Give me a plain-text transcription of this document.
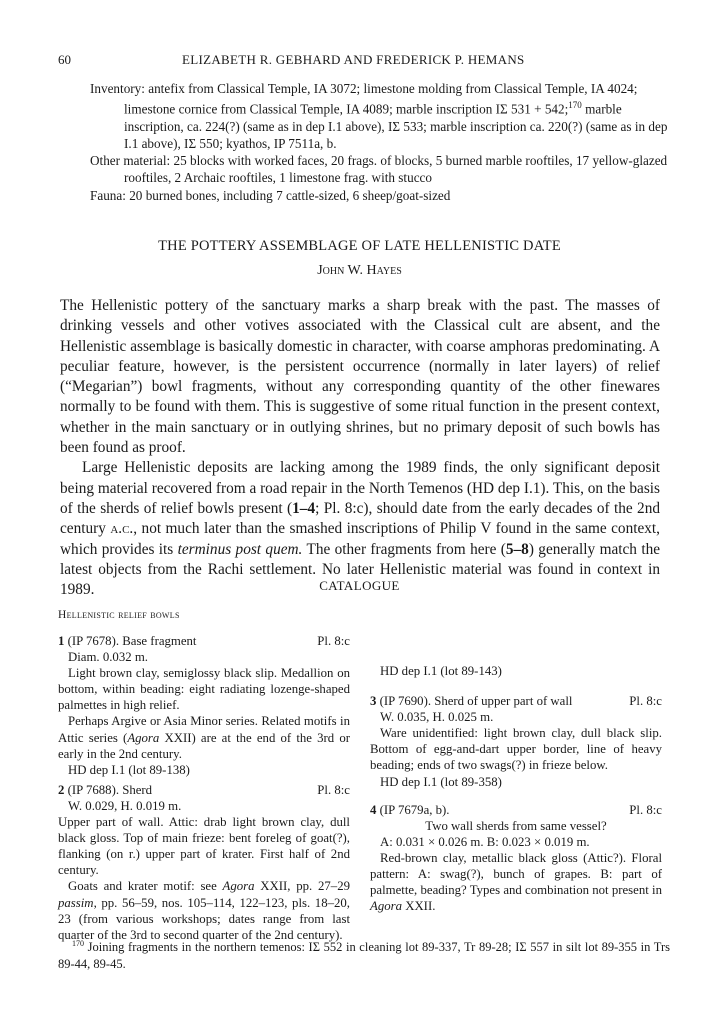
60	ELIZABETH R. GEBHARD AND FREDERICK P. HEMANS

Inventory: antefix from Classical Temple, IA 3072; limestone molding from Classical Temple, IA 4024; limestone cornice from Classical Temple, IA 4089; marble inscription IΣ 531 + 542;$^{170}$ marble inscription, ca. 224(?) (same as in dep I.1 above), IΣ 533; marble inscription ca. 220(?) (same as in dep I.1 above), IΣ 550; kyathos, IP 7511a, b.

Other material: 25 blocks with worked faces, 20 frags. of blocks, 5 burned marble rooftiles, 17 yellow-glazed rooftiles, 2 Archaic rooftiles, 1 limestone frag. with stucco

Fauna: 20 burned bones, including 7 cattle-sized, 6 sheep/goat-sized

THE POTTERY ASSEMBLAGE OF LATE HELLENISTIC DATE
John W. Hayes

The Hellenistic pottery of the sanctuary marks a sharp break with the past. The masses of drinking vessels and other votives associated with the Classical cult are absent, and the Hellenistic assemblage is basically domestic in character, with coarse amphoras predominating. A peculiar feature, however, is the persistent occurrence (normally in later layers) of relief (“Megarian”) bowl fragments, without any corresponding quantity of the other finewares normally to be found with them. This is suggestive of some ritual function in the present context, whether in the main sanctuary or in outlying shrines, but no primary deposit of such bowls has been found as proof.

Large Hellenistic deposits are lacking among the 1989 finds, the only significant deposit being material recovered from a road repair in the North Temenos (HD dep I.1). This, on the basis of the sherds of relief bowls present (1–4; Pl. 8:c), should date from the early decades of the 2nd century a.c., not much later than the smashed inscriptions of Philip V found in the same context, which provides its terminus post quem. The other fragments from here (5–8) generally match the latest objects from the Rachi settlement. No later Hellenistic material was found in context in 1989.	CATALOGUE
Hellenistic relief bowls

1 (IP 7678). Base fragment	Pl. 8:c

Diam. 0.032 m.

Light brown clay, semiglossy black slip. Medallion on bottom, within beading: eight radiating lozenge-shaped palmettes in high relief.

Perhaps Argive or Asia Minor series. Related motifs in Attic series (Agora XXII) are at the end of the 3rd or early in the 2nd century.

HD dep I.1 (lot 89-138)

2 (IP 7688). Sherd	Pl. 8:c

W. 0.029, H. 0.019 m.

Upper part of wall. Attic: drab light brown clay, dull black gloss. Top of main frieze: bent foreleg of goat(?), flanking (on r.) upper part of krater. First half of 2nd century.

Goats and krater motif: see Agora XXII, pp. 27–29 passim, pp. 56–59, nos. 105–114, 122–123, pls. 18–20, 23 (from various workshops; dates range from last quarter of the 3rd to second quarter of the 2nd century).

HD dep I.1 (lot 89-143)

3 (IP 7690). Sherd of upper part of wall	Pl. 8:c

W. 0.035, H. 0.025 m.

Ware unidentified: light brown clay, dull black slip. Bottom of egg-and-dart upper border, line of heavy beading; ends of two swags(?) in frieze below.

HD dep I.1 (lot 89-358)

4 (IP 7679a, b).	Pl. 8:c

Two wall sherds from same vessel?

A: 0.031 × 0.026 m. B: 0.023 × 0.019 m.

Red-brown clay, metallic black gloss (Attic?). Floral pattern: A: swag(?), bunch of grapes. B: part of palmette, beading? Types and combination not present in Agora XXII.

$^{170}$ Joining fragments in the northern temenos: IΣ 552 in cleaning lot 89-337, Tr 89-28; IΣ 557 in silt lot 89-355 in Trs 89-44, 89-45.
